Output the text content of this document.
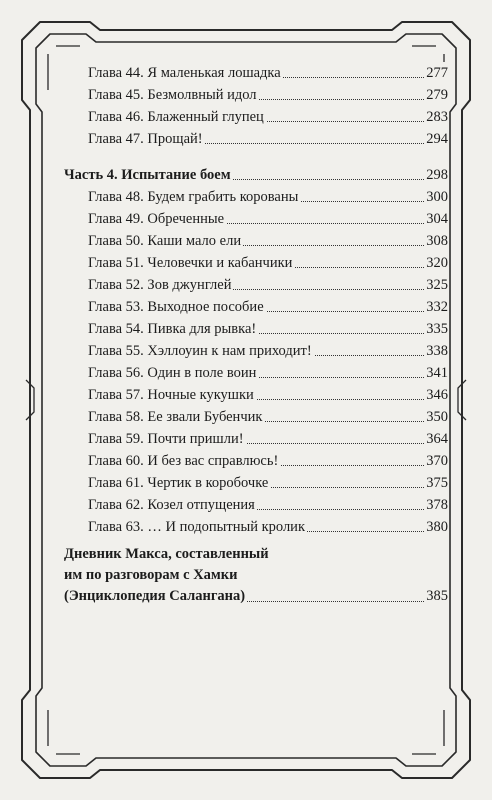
Глава 44. Я маленькая лошадка	277
Глава 45. Безмолвный идол	279
Глава 46. Блаженный глупец	283
Глава 47. Прощай!	294
Часть 4. Испытание боем	298
Глава 48. Будем грабить корованы	300
Глава 49. Обреченные	304
Глава 50. Каши мало ели	308
Глава 51. Человечки и кабанчики	320
Глава 52. Зов джунглей	325
Глава 53. Выходное пособие	332
Глава 54. Пивка для рывка!	335
Глава 55. Хэллоуин к нам приходит!	338
Глава 56. Один в поле воин	341
Глава 57. Ночные кукушки	346
Глава 58. Ее звали Бубенчик	350
Глава 59. Почти пришли!	364
Глава 60. И без вас справлюсь!	370
Глава 61. Чертик в коробочке	375
Глава 62. Козел отпущения	378
Глава 63. … И подопытный кролик	380
Дневник Макса, составленный
им по разговорам с Хамки
(Энциклопедия Салангана)	385
